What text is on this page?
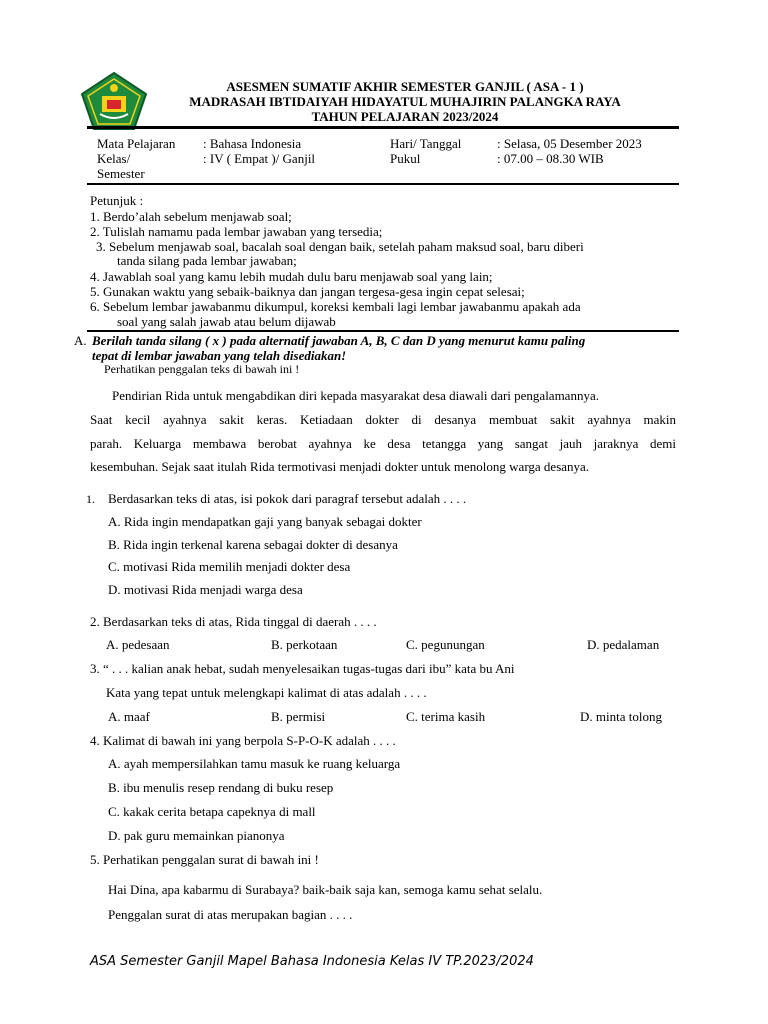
ASESMEN SUMATIF AKHIR SEMESTER GANJIL ( ASA - 1 )
MADRASAH IBTIDAIYAH HIDAYATUL MUHAJIRIN PALANGKA RAYA
TAHUN PELAJARAN 2023/2024
Mata Pelajaran : Bahasa Indonesia	Hari/ Tanggal	: Selasa, 05 Desember 2023
Kelas/	: IV ( Empat )/ Ganjil	Pukul	: 07.00 – 08.30 WIB
Semester
Petunjuk :
1. Berdo’alah sebelum menjawab soal;
2. Tulislah namamu pada lembar jawaban yang tersedia;
3. Sebelum menjawab soal, bacalah soal dengan baik, setelah paham maksud soal, baru diberi
tanda silang pada lembar jawaban;
4. Jawablah soal yang kamu lebih mudah dulu baru menjawab soal yang lain;
5. Gunakan waktu yang sebaik-baiknya dan jangan tergesa-gesa ingin cepat selesai;
6. Sebelum lembar jawabanmu dikumpul, koreksi kembali lagi lembar jawabanmu apakah ada
soal yang salah jawab atau belum dijawab
A. Berilah tanda silang ( x ) pada alternatif jawaban A, B, C dan D yang menurut kamu paling
tepat di lembar jawaban yang telah disediakan!
Perhatikan penggalan teks di bawah ini !
Pendirian Rida untuk mengabdikan diri kepada masyarakat desa diawali dari pengalamannya.
Saat kecil ayahnya sakit keras. Ketiadaan dokter di desanya membuat sakit ayahnya makin
parah. Keluarga membawa berobat ayahnya ke desa tetangga yang sangat jauh jaraknya demi
kesembuhan. Sejak saat itulah Rida termotivasi menjadi dokter untuk menolong warga desanya.
1. Berdasarkan teks di atas, isi pokok dari paragraf tersebut adalah . . . .
A. Rida ingin mendapatkan gaji yang banyak sebagai dokter
B. Rida ingin terkenal karena sebagai dokter di desanya
C. motivasi Rida memilih menjadi dokter desa
D. motivasi Rida menjadi warga desa
2. Berdasarkan teks di atas, Rida tinggal di daerah . . . .
A. pedesaan	B. perkotaan	C. pegunungan	D. pedalaman
3. “ . . . kalian anak hebat, sudah menyelesaikan tugas-tugas dari ibu” kata bu Ani
Kata yang tepat untuk melengkapi kalimat di atas adalah . . . .
A. maaf	B. permisi	C. terima kasih	D. minta tolong
4. Kalimat di bawah ini yang berpola S-P-O-K adalah . . . .
A. ayah mempersilahkan tamu masuk ke ruang keluarga
B. ibu menulis resep rendang di buku resep
C. kakak cerita betapa capeknya di mall
D. pak guru memainkan pianonya
5. Perhatikan penggalan surat di bawah ini !
Hai Dina, apa kabarmu di Surabaya? baik-baik saja kan, semoga kamu sehat selalu.
Penggalan surat di atas merupakan bagian . . . .
ASA Semester Ganjil Mapel Bahasa Indonesia Kelas IV TP.2023/2024
